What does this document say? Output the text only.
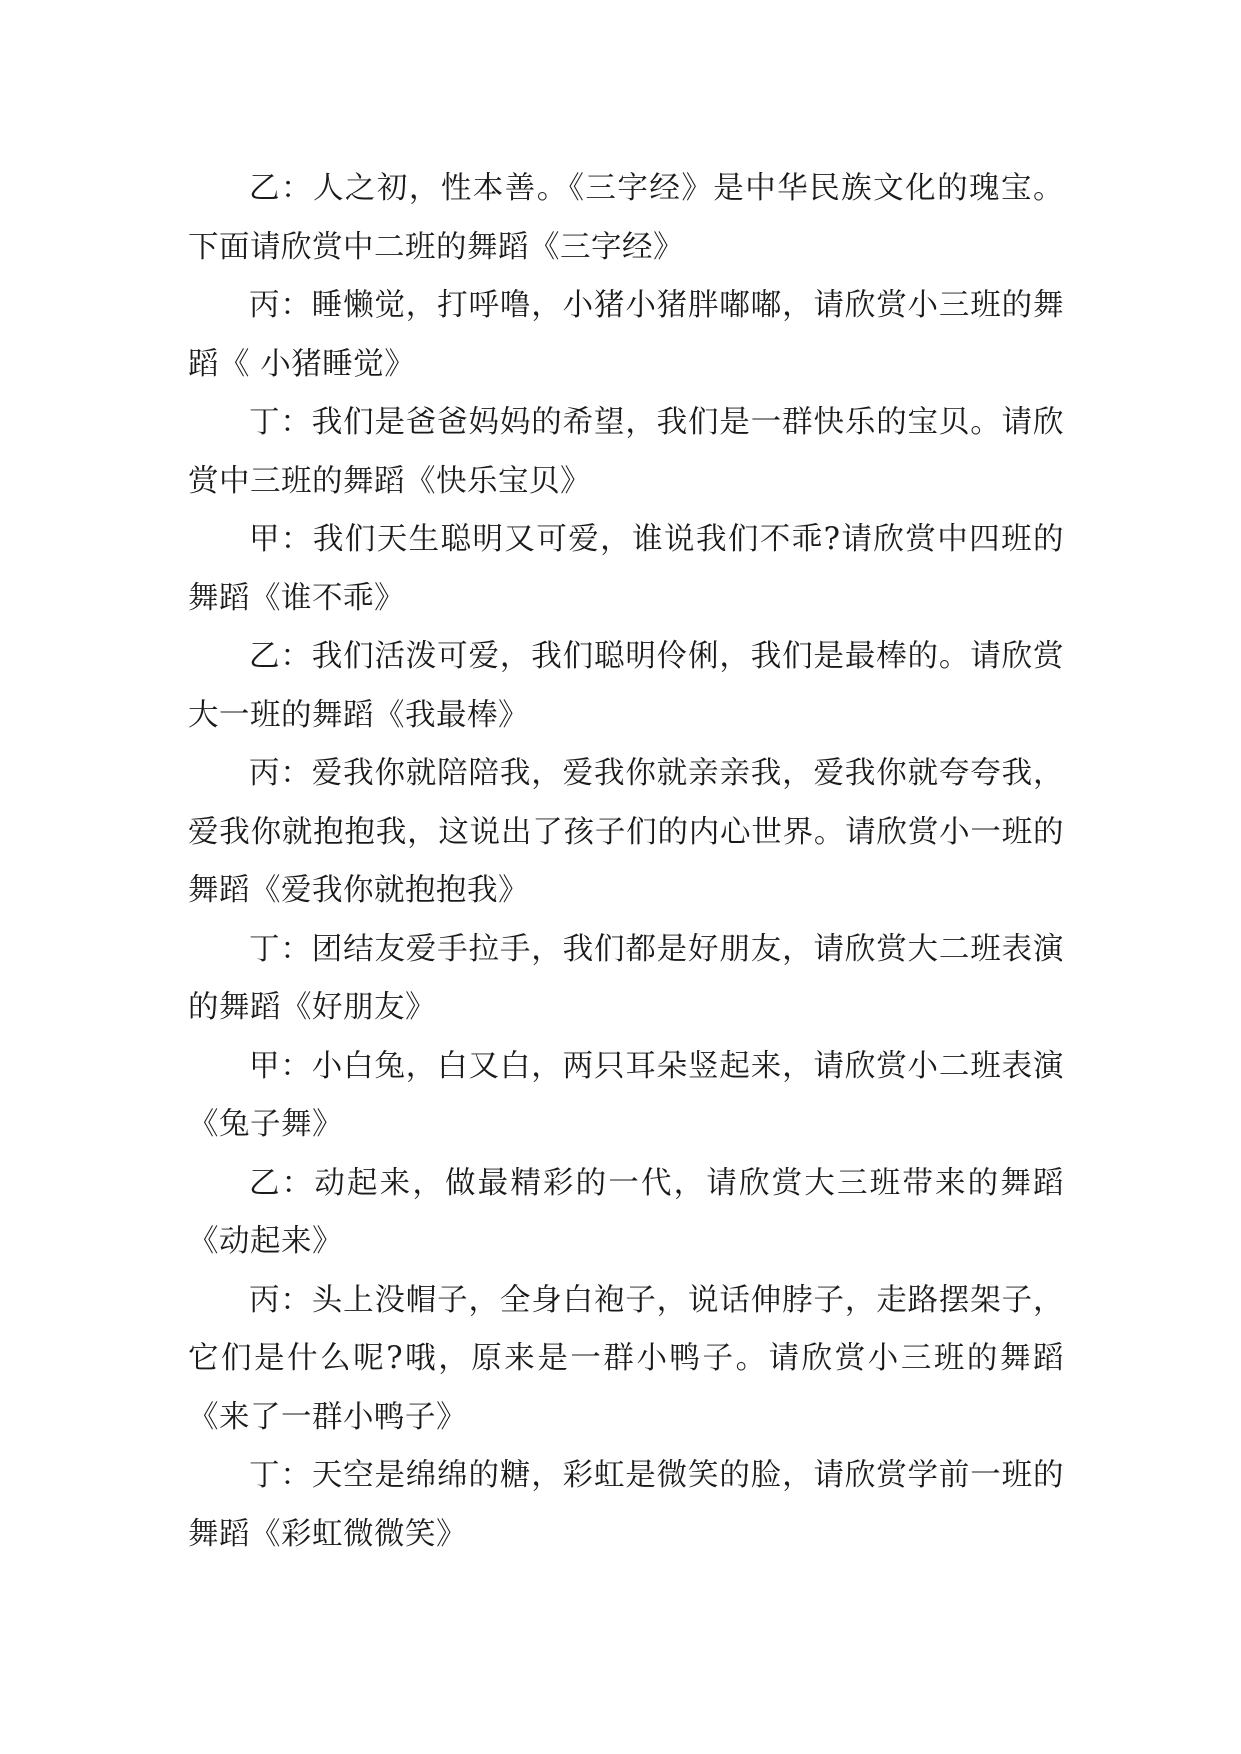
乙：人之初，性本善。《三字经》是中华民族文化的瑰宝。下面请欣赏中二班的舞蹈《三字经》

丙：睡懒觉，打呼噜，小猪小猪胖嘟嘟，请欣赏小三班的舞蹈《 小猪睡觉》

丁：我们是爸爸妈妈的希望，我们是一群快乐的宝贝。请欣赏中三班的舞蹈《快乐宝贝》

甲：我们天生聪明又可爱，谁说我们不乖?请欣赏中四班的舞蹈《谁不乖》

乙：我们活泼可爱，我们聪明伶俐，我们是最棒的。请欣赏大一班的舞蹈《我最棒》

丙：爱我你就陪陪我，爱我你就亲亲我，爱我你就夸夸我，爱我你就抱抱我，这说出了孩子们的内心世界。请欣赏小一班的舞蹈《爱我你就抱抱我》

丁：团结友爱手拉手，我们都是好朋友，请欣赏大二班表演的舞蹈《好朋友》

甲：小白兔，白又白，两只耳朵竖起来，请欣赏小二班表演《兔子舞》

乙：动起来，做最精彩的一代，请欣赏大三班带来的舞蹈《动起来》

丙：头上没帽子，全身白袍子，说话伸脖子，走路摆架子，它们是什么呢?哦，原来是一群小鸭子。请欣赏小三班的舞蹈《来了一群小鸭子》

丁：天空是绵绵的糖，彩虹是微笑的脸，请欣赏学前一班的舞蹈《彩虹微微笑》
